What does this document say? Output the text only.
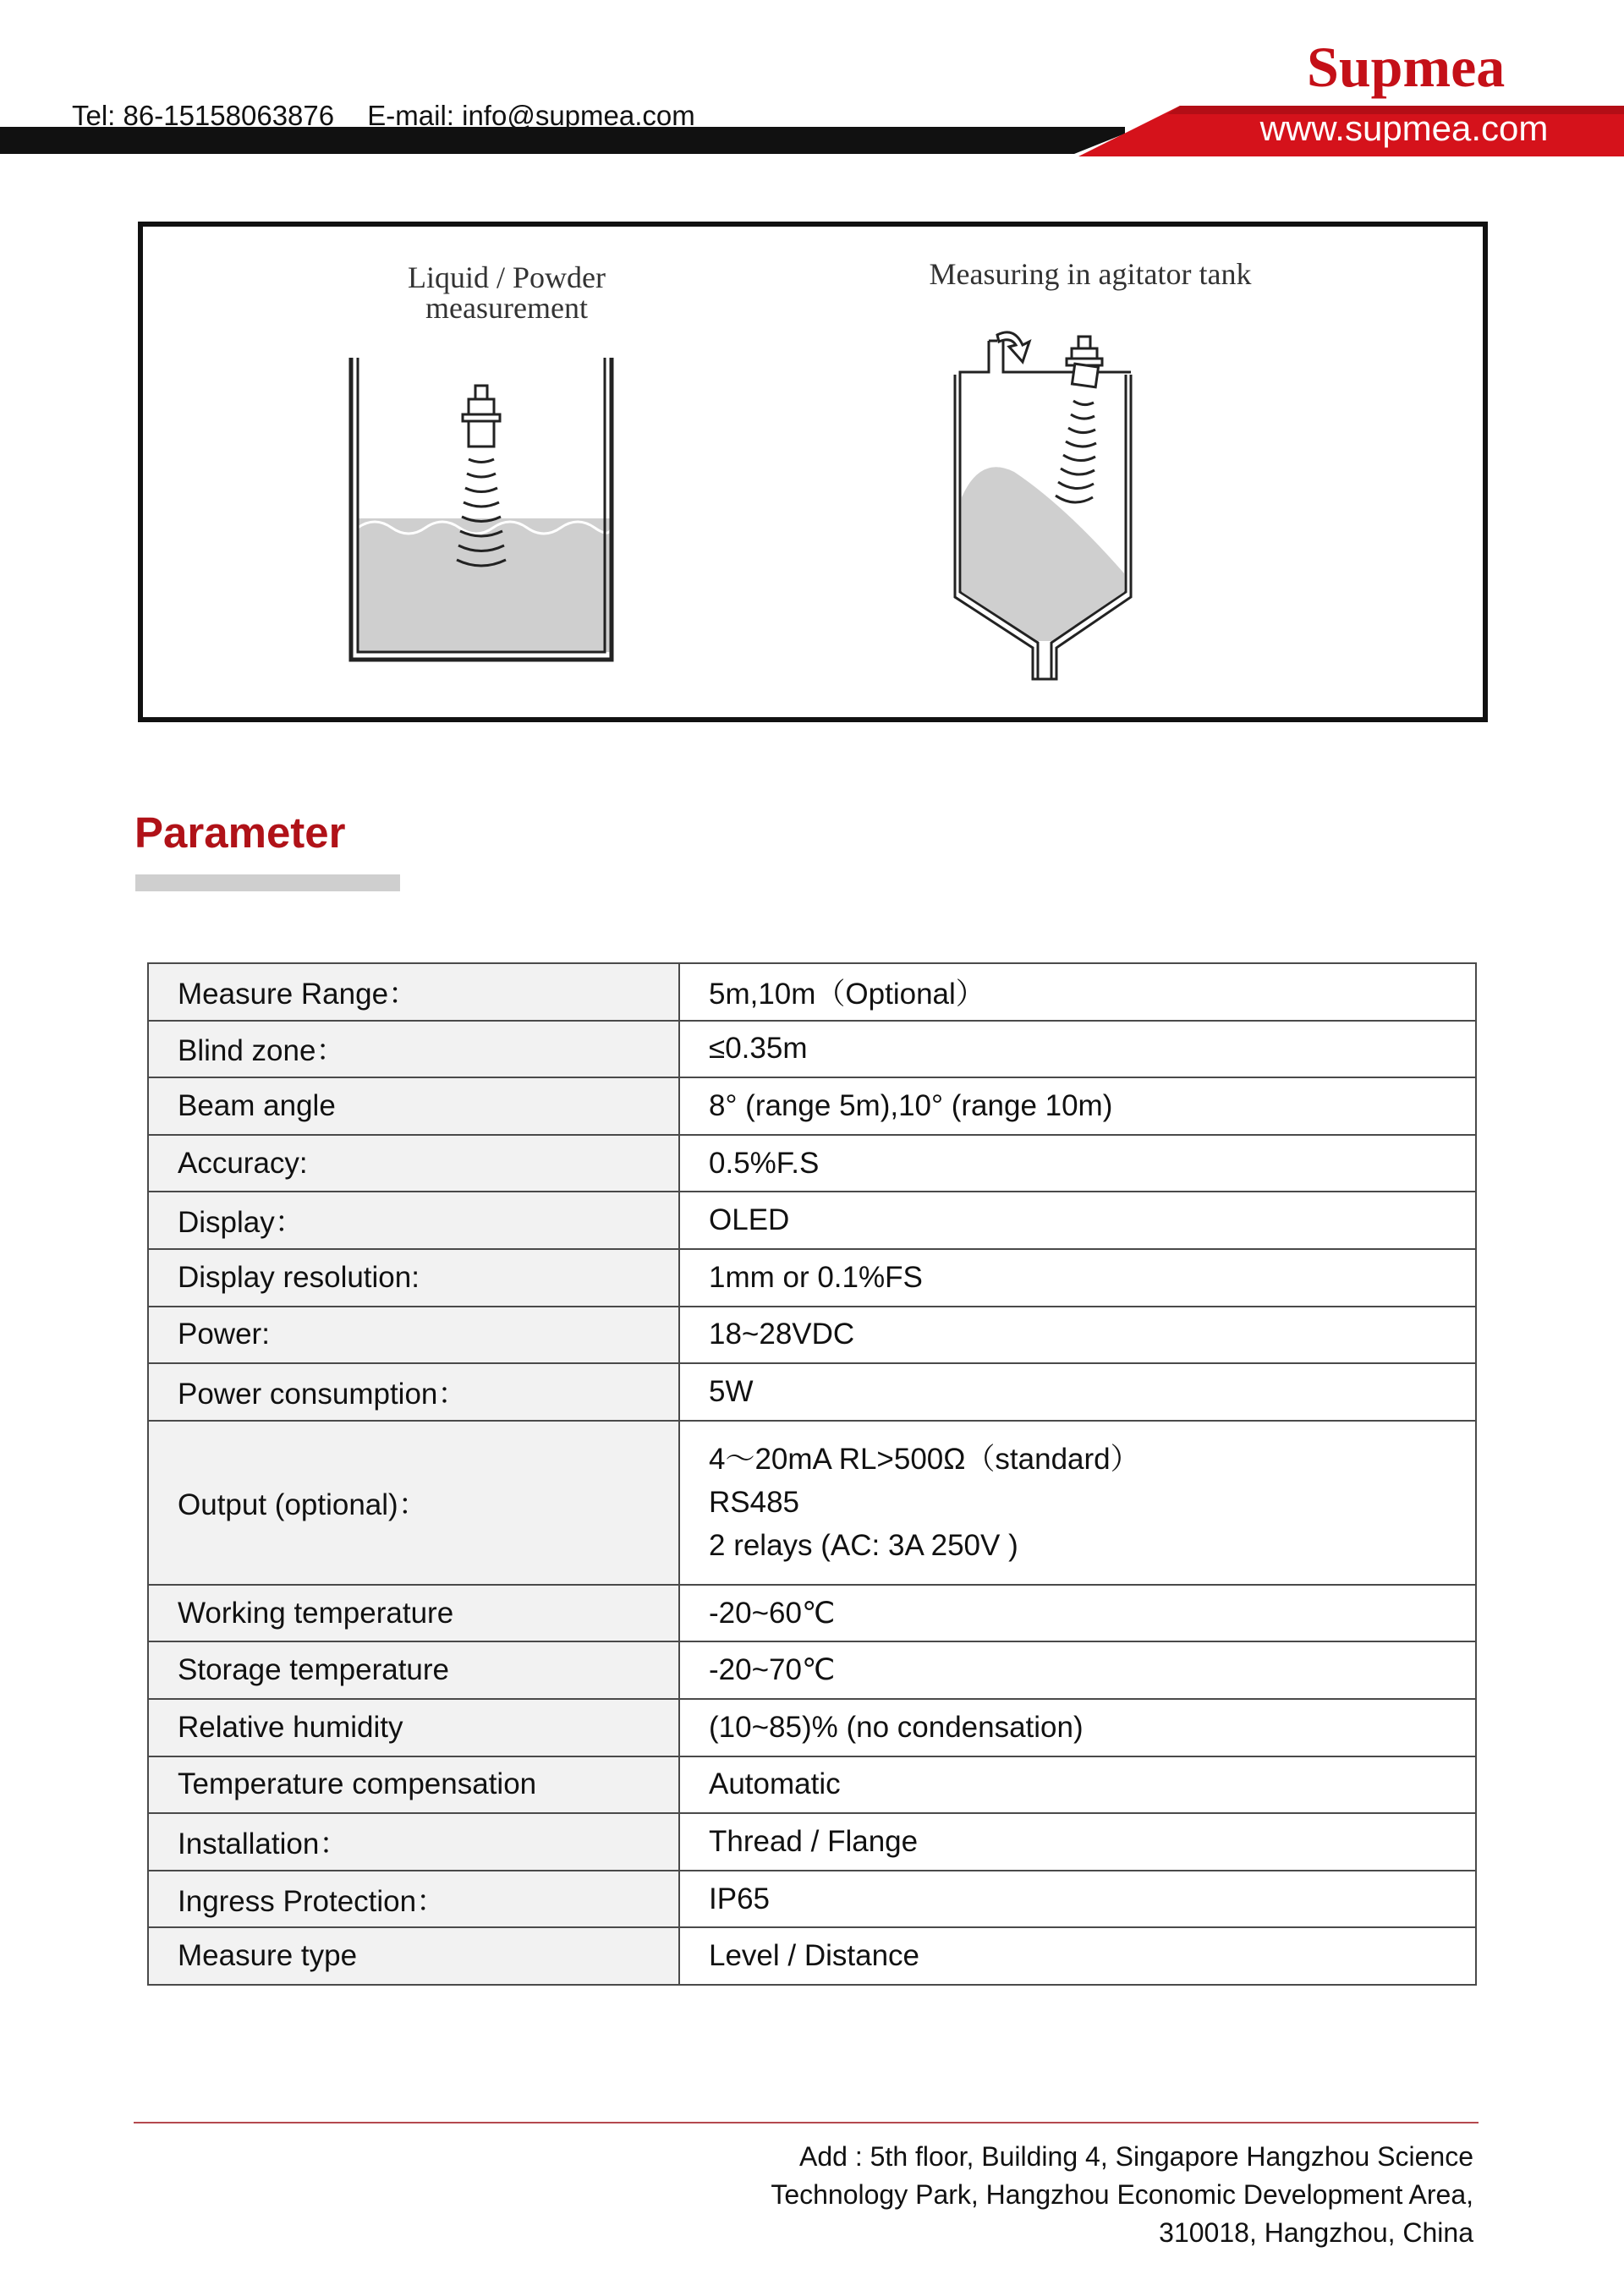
Tel: 86-15158063876 E-mail: info@supmea.com
Supmea
www.supmea.com
Liquid / Powder
measurement
Measuring in agitator tank
Parameter
Measure Range：	5m,10m（Optional）
Blind zone：	≤0.35m
Beam angle	8° (range 5m),10° (range 10m)
Accuracy:	0.5%F.S
Display：	OLED
Display resolution:	1mm or 0.1%FS
Power:	18~28VDC
Power consumption：	5W
Output (optional)：	4～20mA RL>500Ω（standard）
RS485
2 relays (AC: 3A 250V )

Working temperature	-20~60℃
Storage temperature	-20~70℃
Relative humidity	(10~85)% (no condensation)
Temperature compensation	Automatic
Installation：	Thread / Flange
Ingress Protection：	IP65
Measure type	Level / Distance
Add : 5th floor, Building 4, Singapore Hangzhou Science
Technology Park, Hangzhou Economic Development Area,
310018, Hangzhou, China
